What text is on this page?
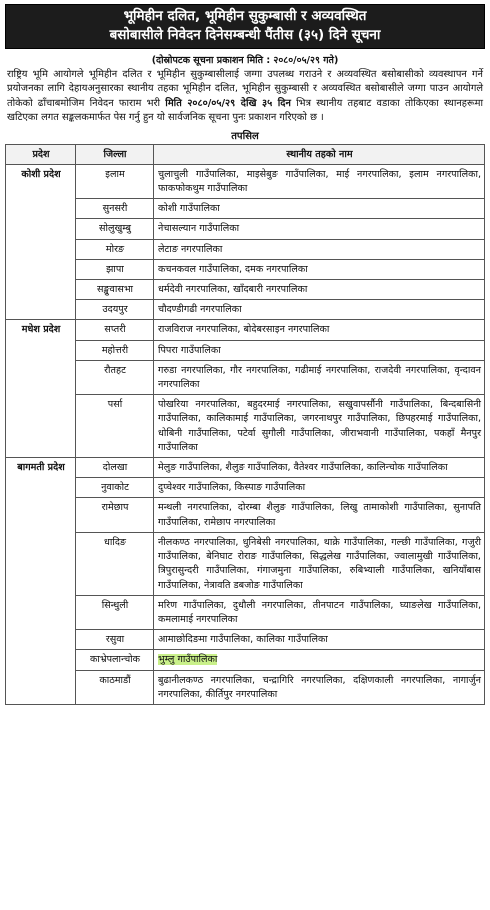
भूमिहीन दलित, भूमिहीन सुकुम्बासी र अव्यवस्थित
बसोबासीले निवेदन दिनेसम्बन्धी पैंतीस (३५) दिने सूचना
(दोस्रोपटक सूचना प्रकाशन मिति : २०८०/०५/२९ गते)
राष्ट्रिय भूमि आयोगले भूमिहीन दलित र भूमिहीन सुकुम्बासीलाई जग्गा उपलब्ध गराउने र अव्यवस्थित बसोबासीको व्यवस्थापन गर्ने प्रयोजनका लागि देहायअनुसारका स्थानीय तहका भूमिहीन दलित, भूमिहीन सुकुम्बासी र अव्यवस्थित बसोबासीले जग्गा पाउन आयोगले तोकेको ढाँचाबमोजिम निवेदन फाराम भरी मिति २०८०/०५/२९ देखि ३५ दिन भित्र स्थानीय तहबाट वडाका तोकिएका स्थानहरूमा खटिएका लगत सङ्कलकमार्फत पेस गर्नु हुन यो सार्वजनिक सूचना पुनः प्रकाशन गरिएको छ ।
तपसिल
प्रदेश	जिल्ला	स्थानीय तहको नाम
कोशी प्रदेश	इलाम	चुलाचुली गाउँपालिका, माइसेबुङ गाउँपालिका, माई नगरपालिका, इलाम नगरपालिका, फाकफोकथुम गाउँपालिका
	सुनसरी	कोशी गाउँपालिका
	सोलुखुम्बु	नेचासल्यान गाउँपालिका
	मोरङ	लेटाङ नगरपालिका
	झापा	कचनकवल गाउँपालिका, दमक नगरपालिका
	सङ्खुवासभा	धर्मदेवी नगरपालिका, खाँदबारी नगरपालिका
	उदयपुर	चौदण्डीगढी नगरपालिका
मधेश प्रदेश	सप्तरी	राजविराज नगरपालिका, बोदेबरसाइन नगरपालिका
	महोत्तरी	पिपरा गाउँपालिका
	रौतहट	गरुडा नगरपालिका, गौर नगरपालिका, गढीमाई नगरपालिका, राजदेवी नगरपालिका, वृन्दावन नगरपालिका
	पर्सा	पोखरिया नगरपालिका, बहुदरमाई नगरपालिका, सखुवापर्सौनी गाउँपालिका, बिन्दबासिनी गाउँपालिका, कालिकामाई गाउँपालिका, जगरनाथपुर गाउँपालिका, छिपहरमाई गाउँपालिका, धोबिनी गाउँपालिका, पटेर्वा सुगौली गाउँपालिका, जीराभवानी गाउँपालिका, पकहाँ मैनपुर गाउँपालिका
बागमती प्रदेश	दोलखा	मेलुङ गाउँपालिका, शैलुङ गाउँपालिका, वैतेश्वर गाउँपालिका, कालिन्चोक गाउँपालिका
	नुवाकोट	दुप्चेश्वर गाउँपालिका, किस्पाङ गाउँपालिका
	रामेछाप	मन्थली नगरपालिका, दोरम्बा शैलुङ गाउँपालिका, लिखु तामाकोशी गाउँपालिका, सुनापति गाउँपालिका, रामेछाप नगरपालिका
	धादिङ	नीलकण्ठ नगरपालिका, धुनिबेसी नगरपालिका, थाक्रे गाउँपालिका, गल्छी गाउँपालिका, गजुरी गाउँपालिका, बेनिघाट रोराङ गाउँपालिका, सिद्धलेख गाउँपालिका, ज्वालामुखी गाउँपालिका, त्रिपुरासुन्दरी गाउँपालिका, गंगाजमुना गाउँपालिका, रुबिभ्याली गाउँपालिका, खनियाँबास गाउँपालिका, नेत्रावति डबजोङ गाउँपालिका
	सिन्धुली	मरिण गाउँपालिका, दुधौली नगरपालिका, तीनपाटन गाउँपालिका, घ्याङलेख गाउँपालिका, कमलामाई नगरपालिका
	रसुवा	आमाछोदिङमा गाउँपालिका, कालिका गाउँपालिका
	काभ्रेपलान्चोक	भुम्लु गाउँपालिका
	काठमाडौं	बुढानीलकण्ठ नगरपालिका, चन्द्रागिरि नगरपालिका, दक्षिणकाली नगरपालिका, नागार्जुन नगरपालिका, कीर्तिपुर नगरपालिका
